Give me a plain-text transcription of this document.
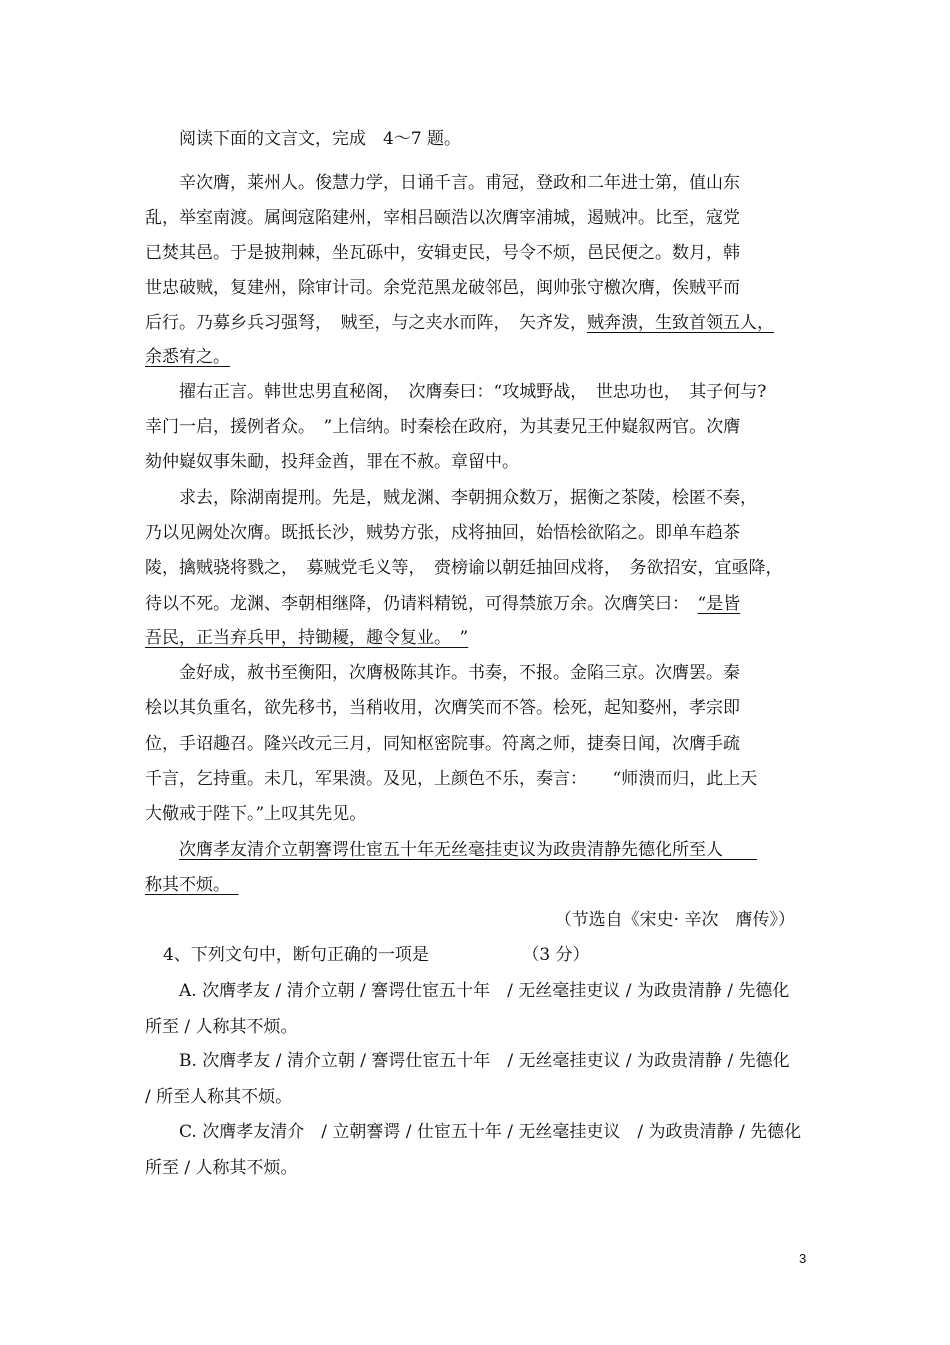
阅读下面的文言文，完成　4～7 题。
辛次膺，莱州人。俊慧力学，日诵千言。甫冠，登政和二年进士第，值山东
乱，举室南渡。属闽寇陷建州，宰相吕颐浩以次膺宰浦城，遏贼冲。比至，寇党
已焚其邑。于是披荆棘，坐瓦砾中，安辑吏民，号令不烦，邑民便之。数月，韩
世忠破贼，复建州，除审计司。余党范黑龙破邻邑，闽帅张守檄次膺，俟贼平而
后行。乃募乡兵习强弩，　贼至，与之夹水而阵，　矢齐发，贼奔溃，生致首领五人，
余悉宥之。
擢右正言。韩世忠男直秘阁，　次膺奏曰：“攻城野战，　世忠功也，　其子何与?
幸门一启，援例者众。　”上信纳。时秦桧在政府，为其妻兄王仲嶷叙两官。次膺
劾仲嶷奴事朱勔，投拜金酋，罪在不赦。章留中。
求去，除湖南提刑。先是，贼龙渊、李朝拥众数万，据衡之茶陵，桧匿不奏，
乃以见阙处次膺。既抵长沙，贼势方张，戍将抽回，始悟桧欲陷之。即单车趋茶
陵，擒贼骁将戮之，　募贼党毛义等，　赍榜谕以朝廷抽回戍将，　务欲招安，宜亟降，
待以不死。龙渊、李朝相继降，仍请料精锐，可得禁旅万余。次膺笑曰：　“是皆
吾民，正当弃兵甲，持锄耰，趣令复业。　”
金好成，赦书至衡阳，次膺极陈其诈。书奏，不报。金陷三京。次膺罢。秦
桧以其负重名，欲先移书，当稍收用，次膺笑而不答。桧死，起知婺州，孝宗即
位，手诏趣召。隆兴改元三月，同知枢密院事。符离之师，捷奏日闻，次膺手疏
千言，乞持重。未几，军果溃。及见，上颜色不乐，奏言：　　“师溃而归，此上天
大儆戒于陛下。”上叹其先见。
次膺孝友清介立朝謇谔仕宦五十年无丝毫挂吏议为政贵清静先德化所至人　　
称其不烦。　
（节选自《宋史· 辛次　膺传》）
4、下列文句中，断句正确的一项是　　　　　　（3 分）
A. 次膺孝友 / 清介立朝 / 謇谔仕宦五十年　/ 无丝毫挂吏议 / 为政贵清静 / 先德化
所至 / 人称其不烦。
B. 次膺孝友 / 清介立朝 / 謇谔仕宦五十年　/ 无丝毫挂吏议 / 为政贵清静 / 先德化
/ 所至人称其不烦。
C. 次膺孝友清介　/ 立朝謇谔 / 仕宦五十年 / 无丝毫挂吏议　/ 为政贵清静 / 先德化
所至 / 人称其不烦。
3
